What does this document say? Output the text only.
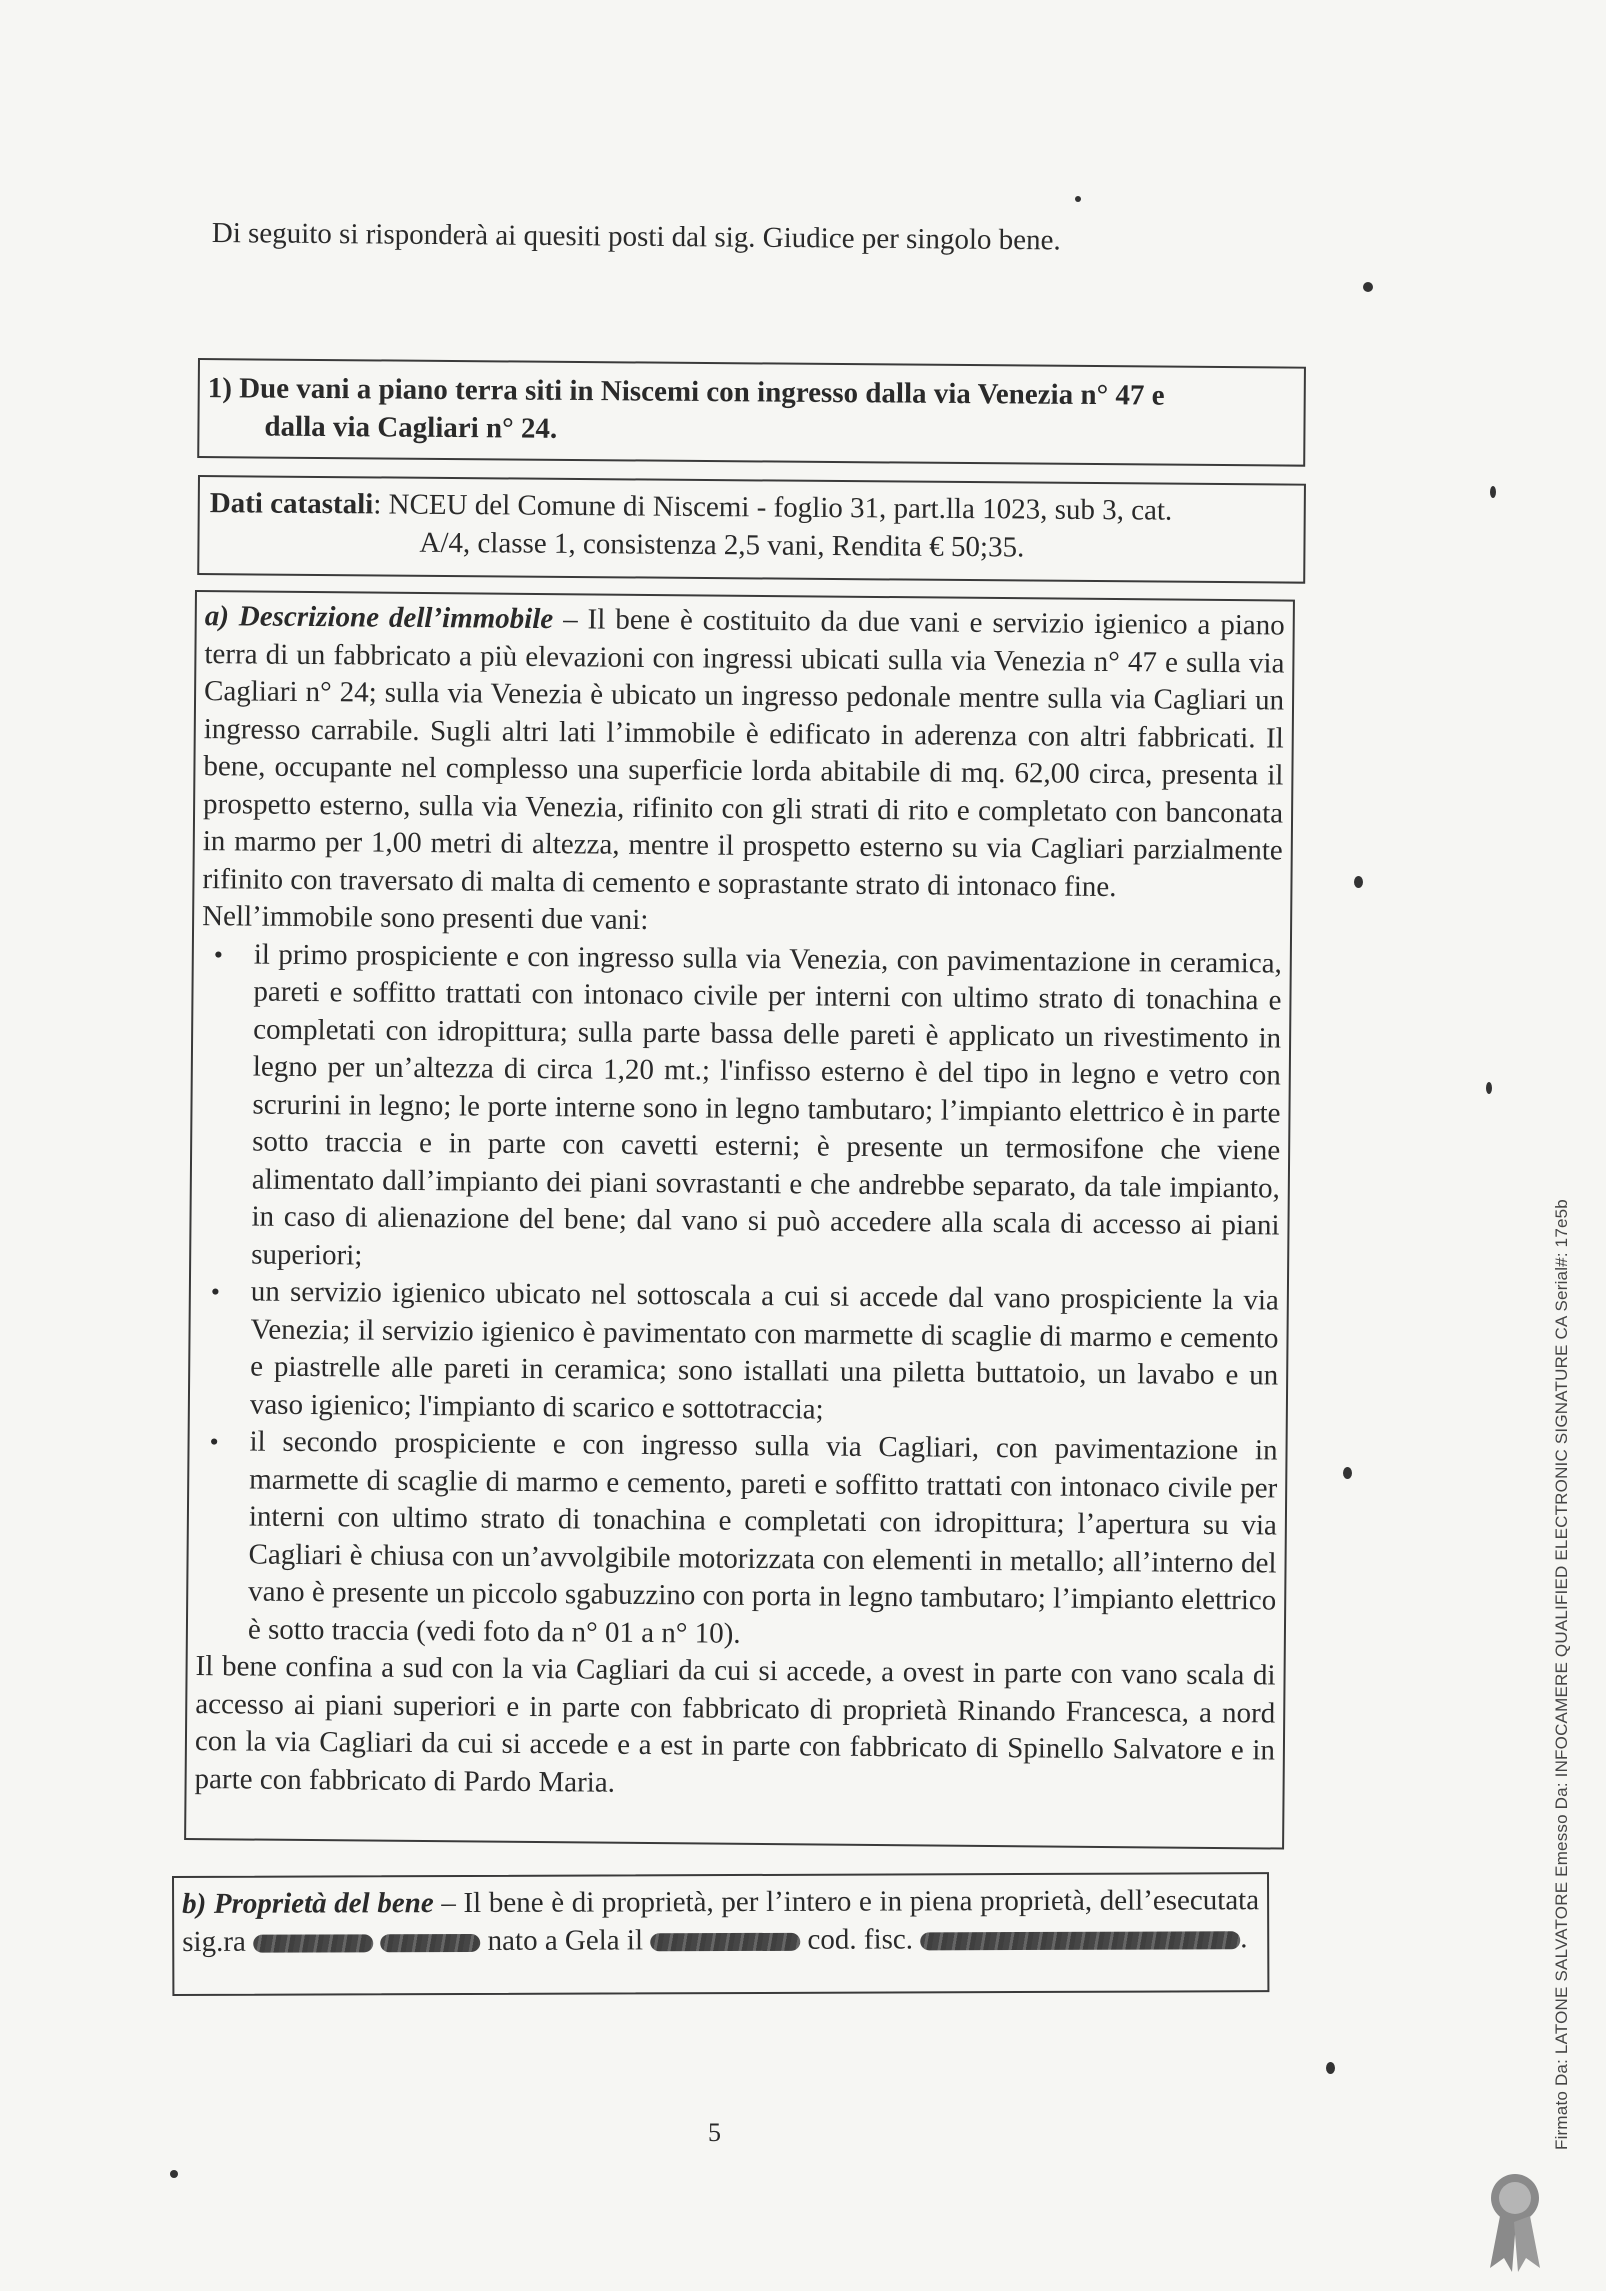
Di seguito si risponderà ai quesiti posti dal sig. Giudice per singolo bene.
1) Due vani a piano terra siti in Niscemi con ingresso dalla via Venezia n° 47 e
dalla via Cagliari n° 24.
Dati catastali: NCEU del Comune di Niscemi - foglio 31, part.lla 1023, sub 3, cat.
A/4, classe 1, consistenza 2,5 vani, Rendita € 50;35.

a) Descrizione dell’immobile – Il bene è costituito da due vani e servizio igienico a piano terra di un fabbricato a più elevazioni con ingressi ubicati sulla via Venezia n° 47 e sulla via Cagliari n° 24; sulla via Venezia è ubicato un ingresso pedonale mentre sulla via Cagliari un ingresso carrabile. Sugli altri lati l’immobile è edificato in aderenza con altri fabbricati. Il bene, occupante nel complesso una superficie lorda abitabile di mq. 62,00 circa, presenta il prospetto esterno, sulla via Venezia, rifinito con gli strati di rito e completato con banconata in marmo per 1,00 metri di altezza, mentre il prospetto esterno su via Cagliari parzialmente rifinito con traversato di malta di cemento e soprastante strato di intonaco fine.

Nell’immobile sono presenti due vani:

• il primo prospiciente e con ingresso sulla via Venezia, con pavimentazione in ceramica, pareti e soffitto trattati con intonaco civile per interni con ultimo strato di tonachina e completati con idropittura; sulla parte bassa delle pareti è applicato un rivestimento in legno per un’altezza di circa 1,20 mt.; l'infisso esterno è del tipo in legno e vetro con scrurini in legno; le porte interne sono in legno tambutaro; l’impianto elettrico è in parte sotto traccia e in parte con cavetti esterni; è presente un termosifone che viene alimentato dall’impianto dei piani sovrastanti e che andrebbe separato, da tale impianto, in caso di alienazione del bene; dal vano si può accedere alla scala di accesso ai piani superiori;
• un servizio igienico ubicato nel sottoscala a cui si accede dal vano prospiciente la via Venezia; il servizio igienico è pavimentato con marmette di scaglie di marmo e cemento e piastrelle alle pareti in ceramica; sono istallati una piletta buttatoio, un lavabo e un vaso igienico; l'impianto di scarico e sottotraccia;
• il secondo prospiciente e con ingresso sulla via Cagliari, con pavimentazione in marmette di scaglie di marmo e cemento, pareti e soffitto trattati con intonaco civile per interni con ultimo strato di tonachina e completati con idropittura; l’apertura su via Cagliari è chiusa con un’avvolgibile motorizzata con elementi in metallo; all’interno del vano è presente un piccolo sgabuzzino con porta in legno tambutaro; l’impianto elettrico è sotto traccia (vedi foto da n° 01 a n° 10).

Il bene confina a sud con la via Cagliari da cui si accede, a ovest in parte con vano scala di accesso ai piani superiori e in parte con fabbricato di proprietà Rinando Francesca, a nord con la via Cagliari da cui si accede e a est in parte con fabbricato di Spinello Salvatore e in parte con fabbricato di Pardo Maria.

b) Proprietà del bene – Il bene è di proprietà, per l’intero e in piena proprietà, dell’esecutata sig.ra	nato a Gela il	cod. fisc.	.
5	Firmato Da: LATONE SALVATORE Emesso Da: INFOCAMERE QUALIFIED ELECTRONIC SIGNATURE CA Serial#: 17e5b
